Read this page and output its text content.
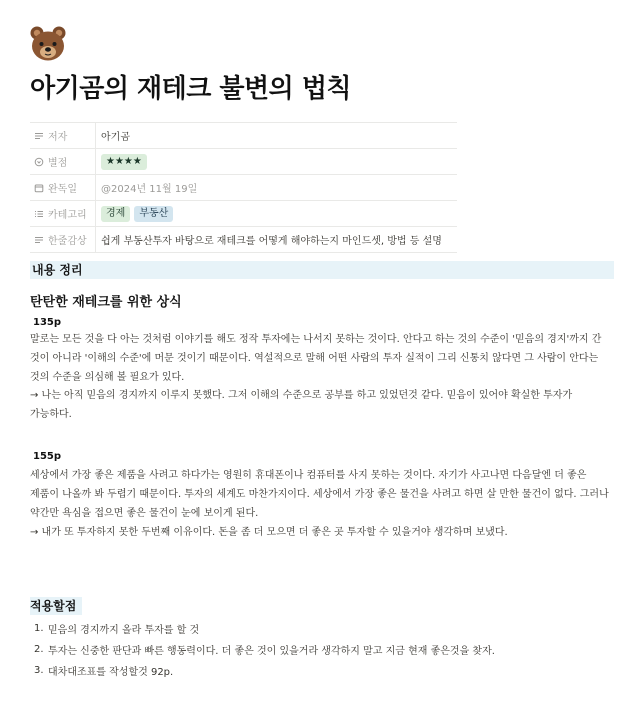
아기곰의 재테크 불변의 법칙
저자	아기곰
별점	★★★★
완독일 @2024년 11월 19일
카테고리	경제	부동산
한줄감상 쉽게 부동산투자 바탕으로 재테크를 어떻게 해야하는지 마인드셋, 방법 등 설명
내용 정리
탄탄한 재테크를 위한 상식
135p

말로는 모든 것을 다 아는 것처럼 이야기를 해도 정작 투자에는 나서지 못하는 것이다. 안다고 하는 것의 수준이 '믿음의 경지'까지 간 것이 아니라 '이해의 수준'에 머문 것이기 때문이다. 역설적으로 말해 어떤 사람의 투자 실적이 그리 신통치 않다면 그 사람이 안다는 것의 수준을 의심해 볼 필요가 있다.

→ 나는 아직 믿음의 경지까지 이루지 못했다. 그저 이해의 수준으로 공부를 하고 있었던것 같다. 믿음이 있어야 확실한 투자가 가능하다.

155p

세상에서 가장 좋은 제품을 사려고 하다가는 영원히 휴대폰이나 컴퓨터를 사지 못하는 것이다. 자기가 사고나면 다음달엔 더 좋은 제품이 나올까 봐 두렵기 때문이다. 투자의 세계도 마찬가지이다. 세상에서 가장 좋은 물건을 사려고 하면 살 만한 물건이 없다. 그러나 약간만 욕심을 접으면 좋은 물건이 눈에 보이게 된다.

→ 내가 또 투자하지 못한 두번째 이유이다. 돈을 좀 더 모으면 더 좋은 곳 투자할 수 있을거야 생각하며 보냈다.

적용할점
1. 믿음의 경지까지 올라 투자를 할 것
2. 투자는 신중한 판단과 빠른 행동력이다. 더 좋은 것이 있을거라 생각하지 말고 지금 현재 좋은것을 찾자.
3. 대차대조표를 작성할것 92p.
